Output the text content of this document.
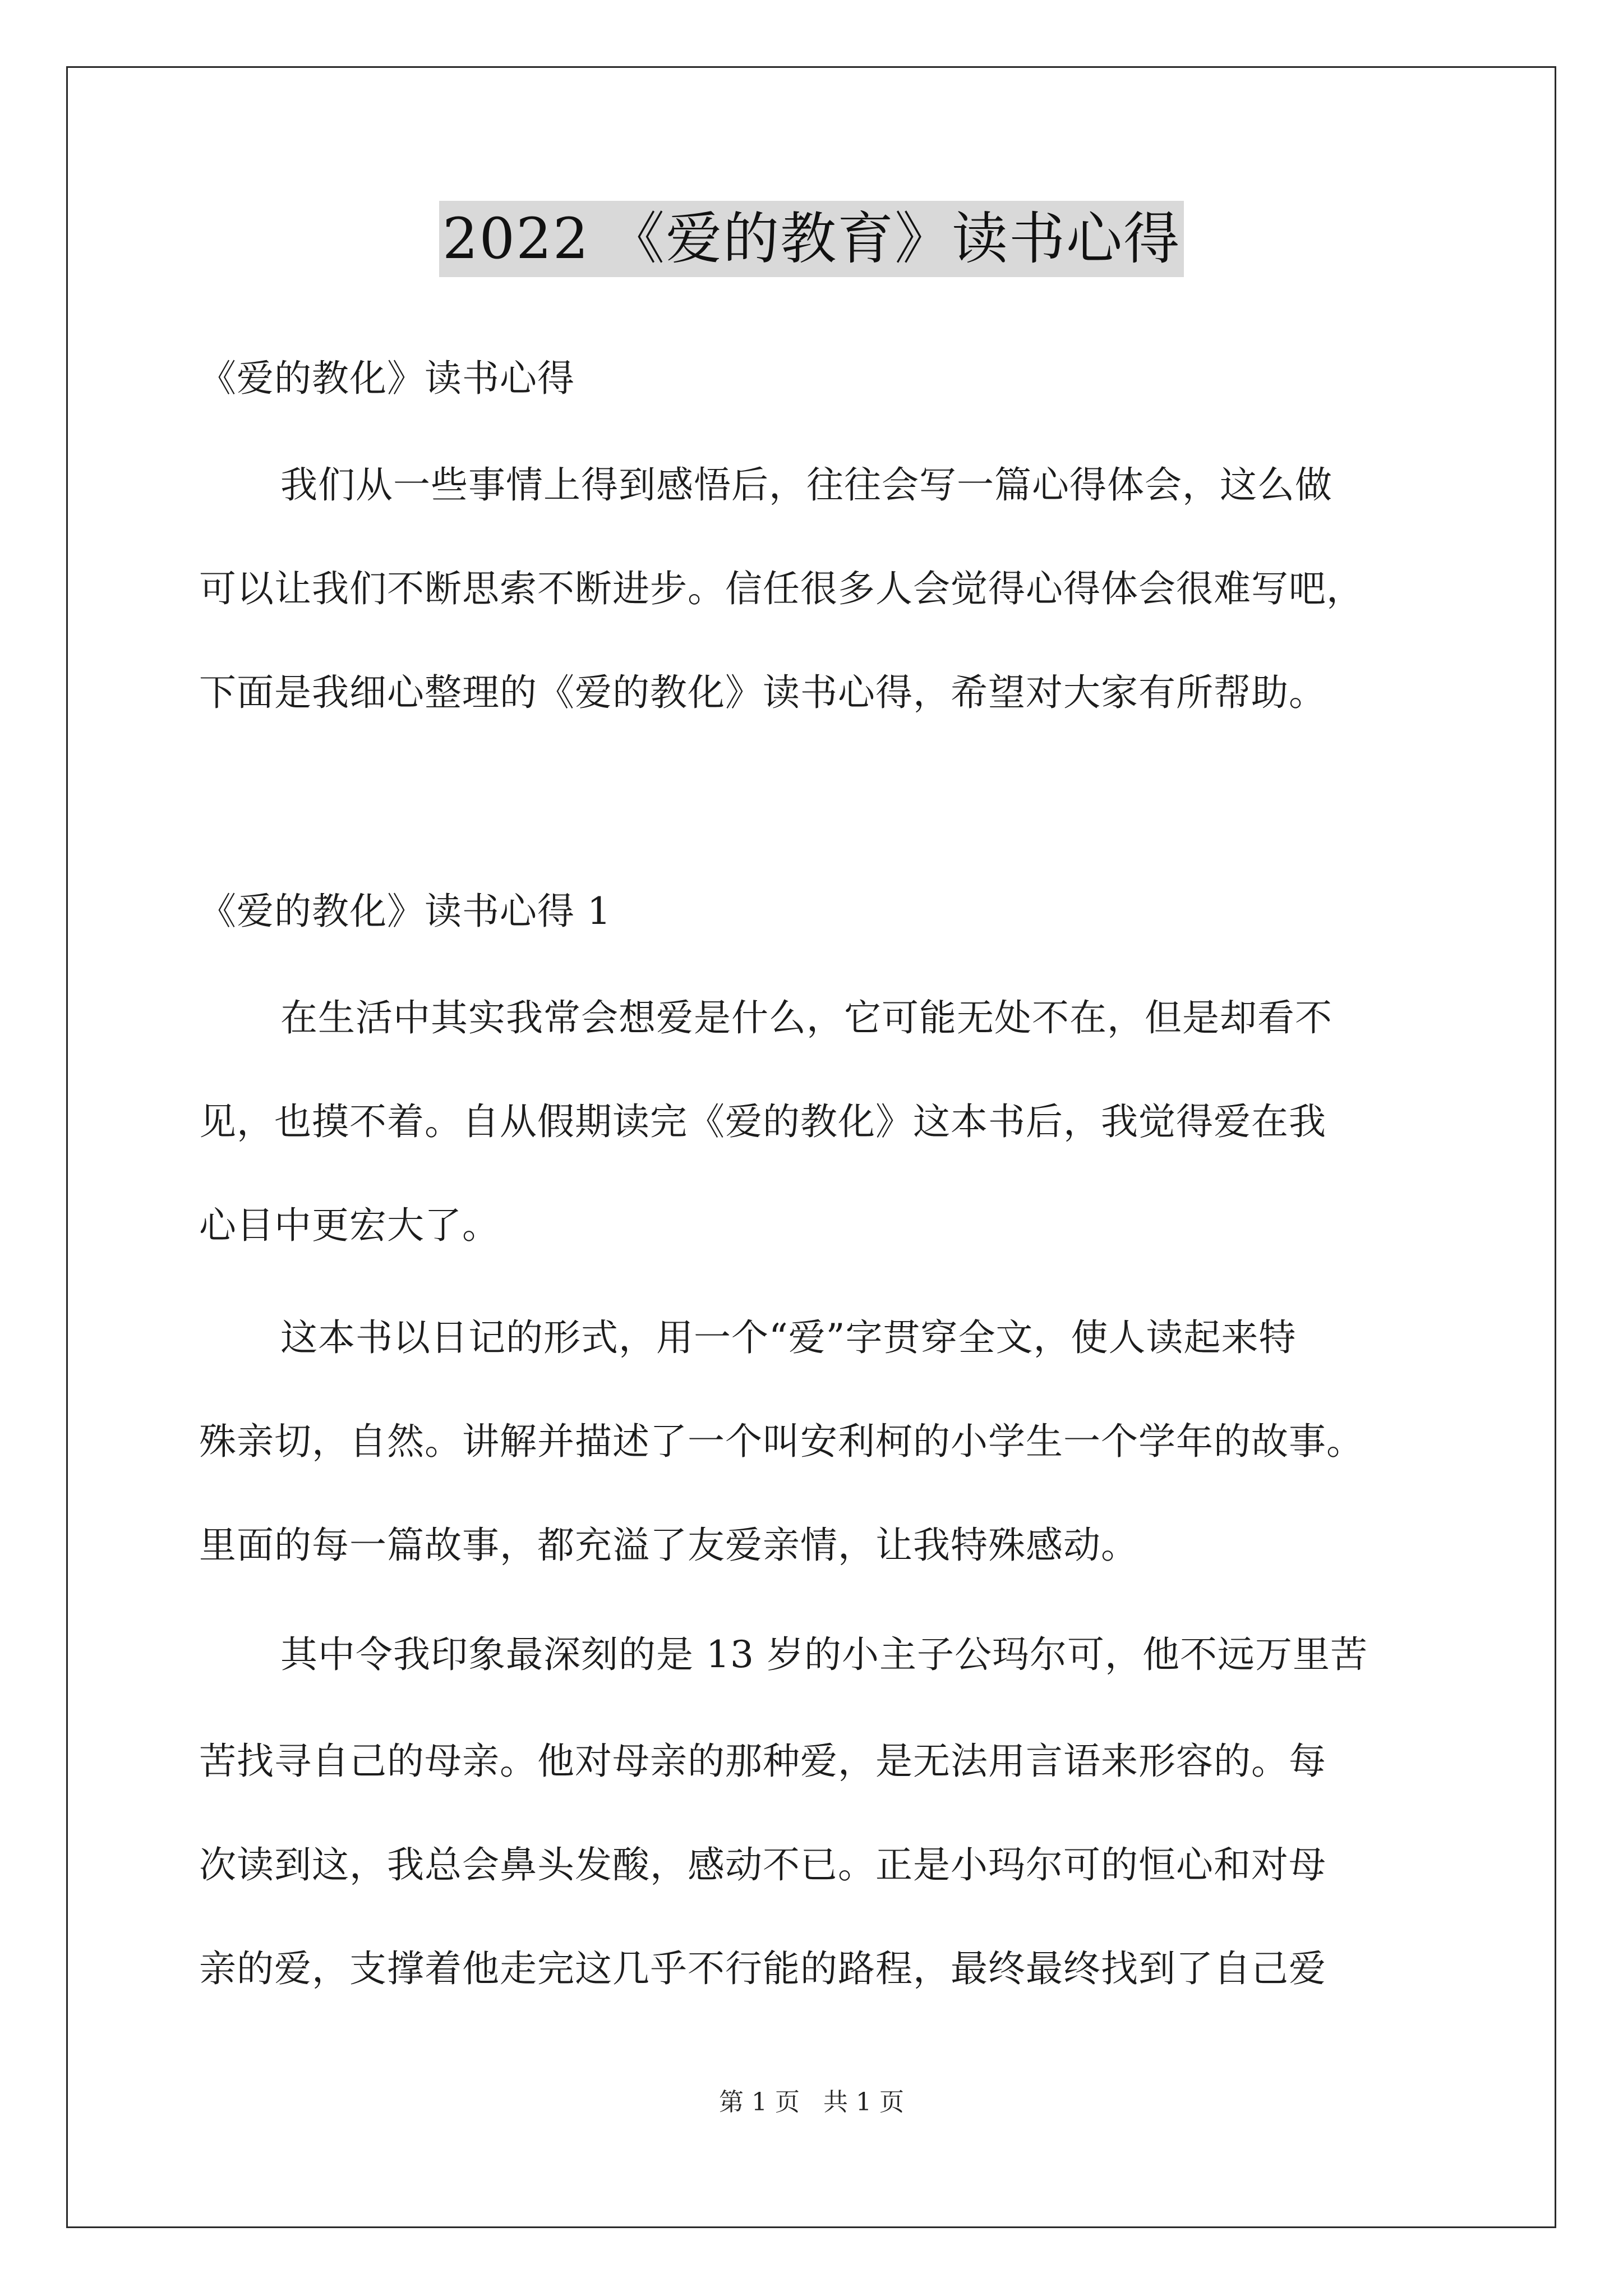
2022 《爱的教育》读书心得
《爱的教化》读书心得
我们从一些事情上得到感悟后，往往会写一篇心得体会，这么做
可以让我们不断思索不断进步。信任很多人会觉得心得体会很难写吧，
下面是我细心整理的《爱的教化》读书心得，希望对大家有所帮助。
《爱的教化》读书心得 1
在生活中其实我常会想爱是什么，它可能无处不在，但是却看不
见，也摸不着。自从假期读完《爱的教化》这本书后，我觉得爱在我
心目中更宏大了。
这本书以日记的形式，用一个“爱”字贯穿全文，使人读起来特
殊亲切，自然。讲解并描述了一个叫安利柯的小学生一个学年的故事。
里面的每一篇故事，都充溢了友爱亲情，让我特殊感动。
其中令我印象最深刻的是 13 岁的小主子公玛尔可，他不远万里苦
苦找寻自己的母亲。他对母亲的那种爱，是无法用言语来形容的。每
次读到这，我总会鼻头发酸，感动不已。正是小玛尔可的恒心和对母
亲的爱，支撑着他走完这几乎不行能的路程，最终最终找到了自己爱
第 1 页   共 1 页
